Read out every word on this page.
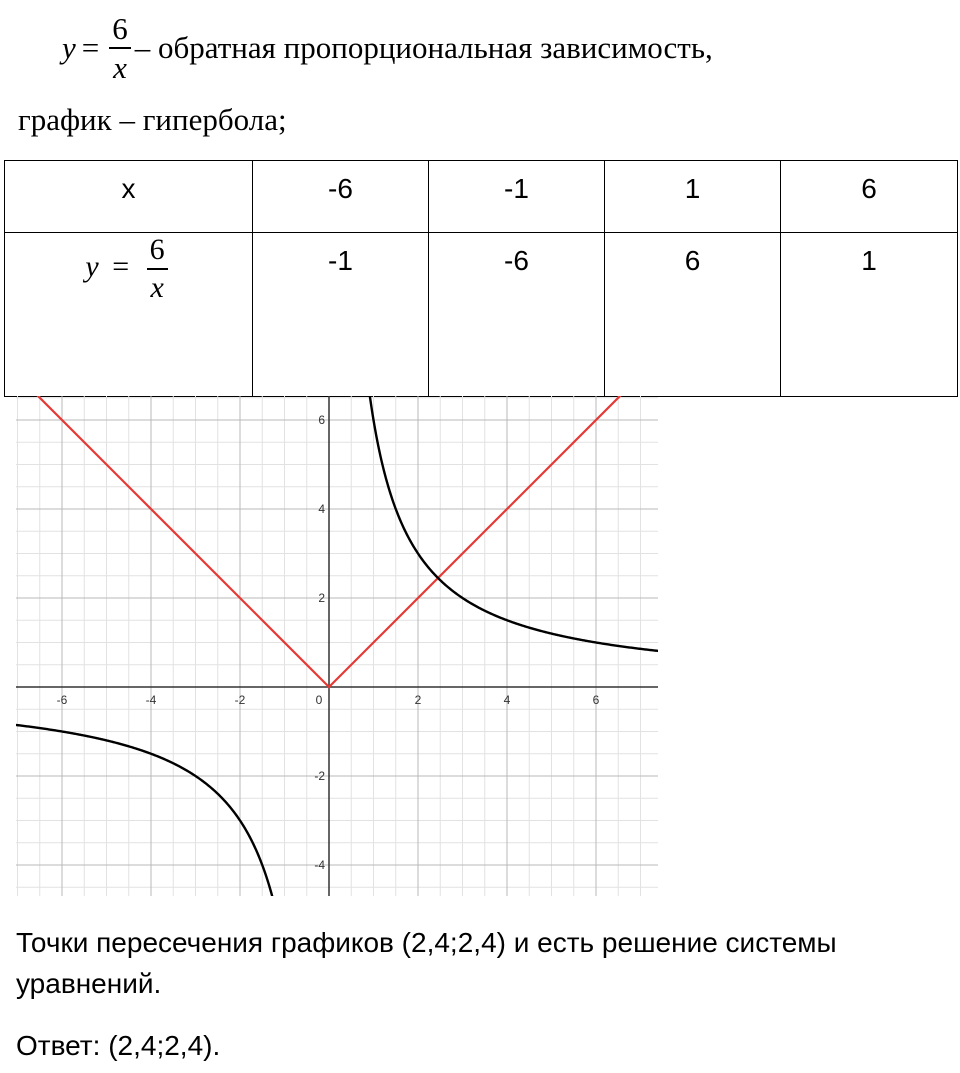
$y = \frac{6}{x}$ – обратная пропорциональная зависимость,
график – гипербола;
x	-6	-1	1	6
$y = \frac{6}{x}$	-1	-6	6	1
-6	-4	-2	0	2	4	6
-4
-2
2
4
6
Точки пересечения графиков (2,4;2,4) и есть решение системы уравнений.
Ответ: (2,4;2,4).
